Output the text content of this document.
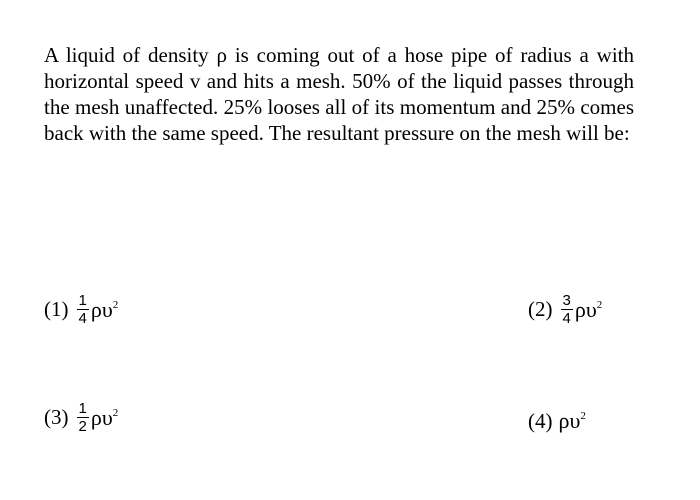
A liquid of density ρ is coming out of a hose pipe of radius a with horizontal speed v and hits a mesh. 50% of the liquid passes through the mesh unaffected. 25% looses all of its momentum and 25% comes back with the same speed. The resultant pressure on the mesh will be:
$(1) \frac{1}{4} \rho\upsilon^2$	$(2) \frac{3}{4} \rho\upsilon^2$
$(3) \frac{1}{2} \rho\upsilon^2$	(4) $\rho\upsilon^2$
